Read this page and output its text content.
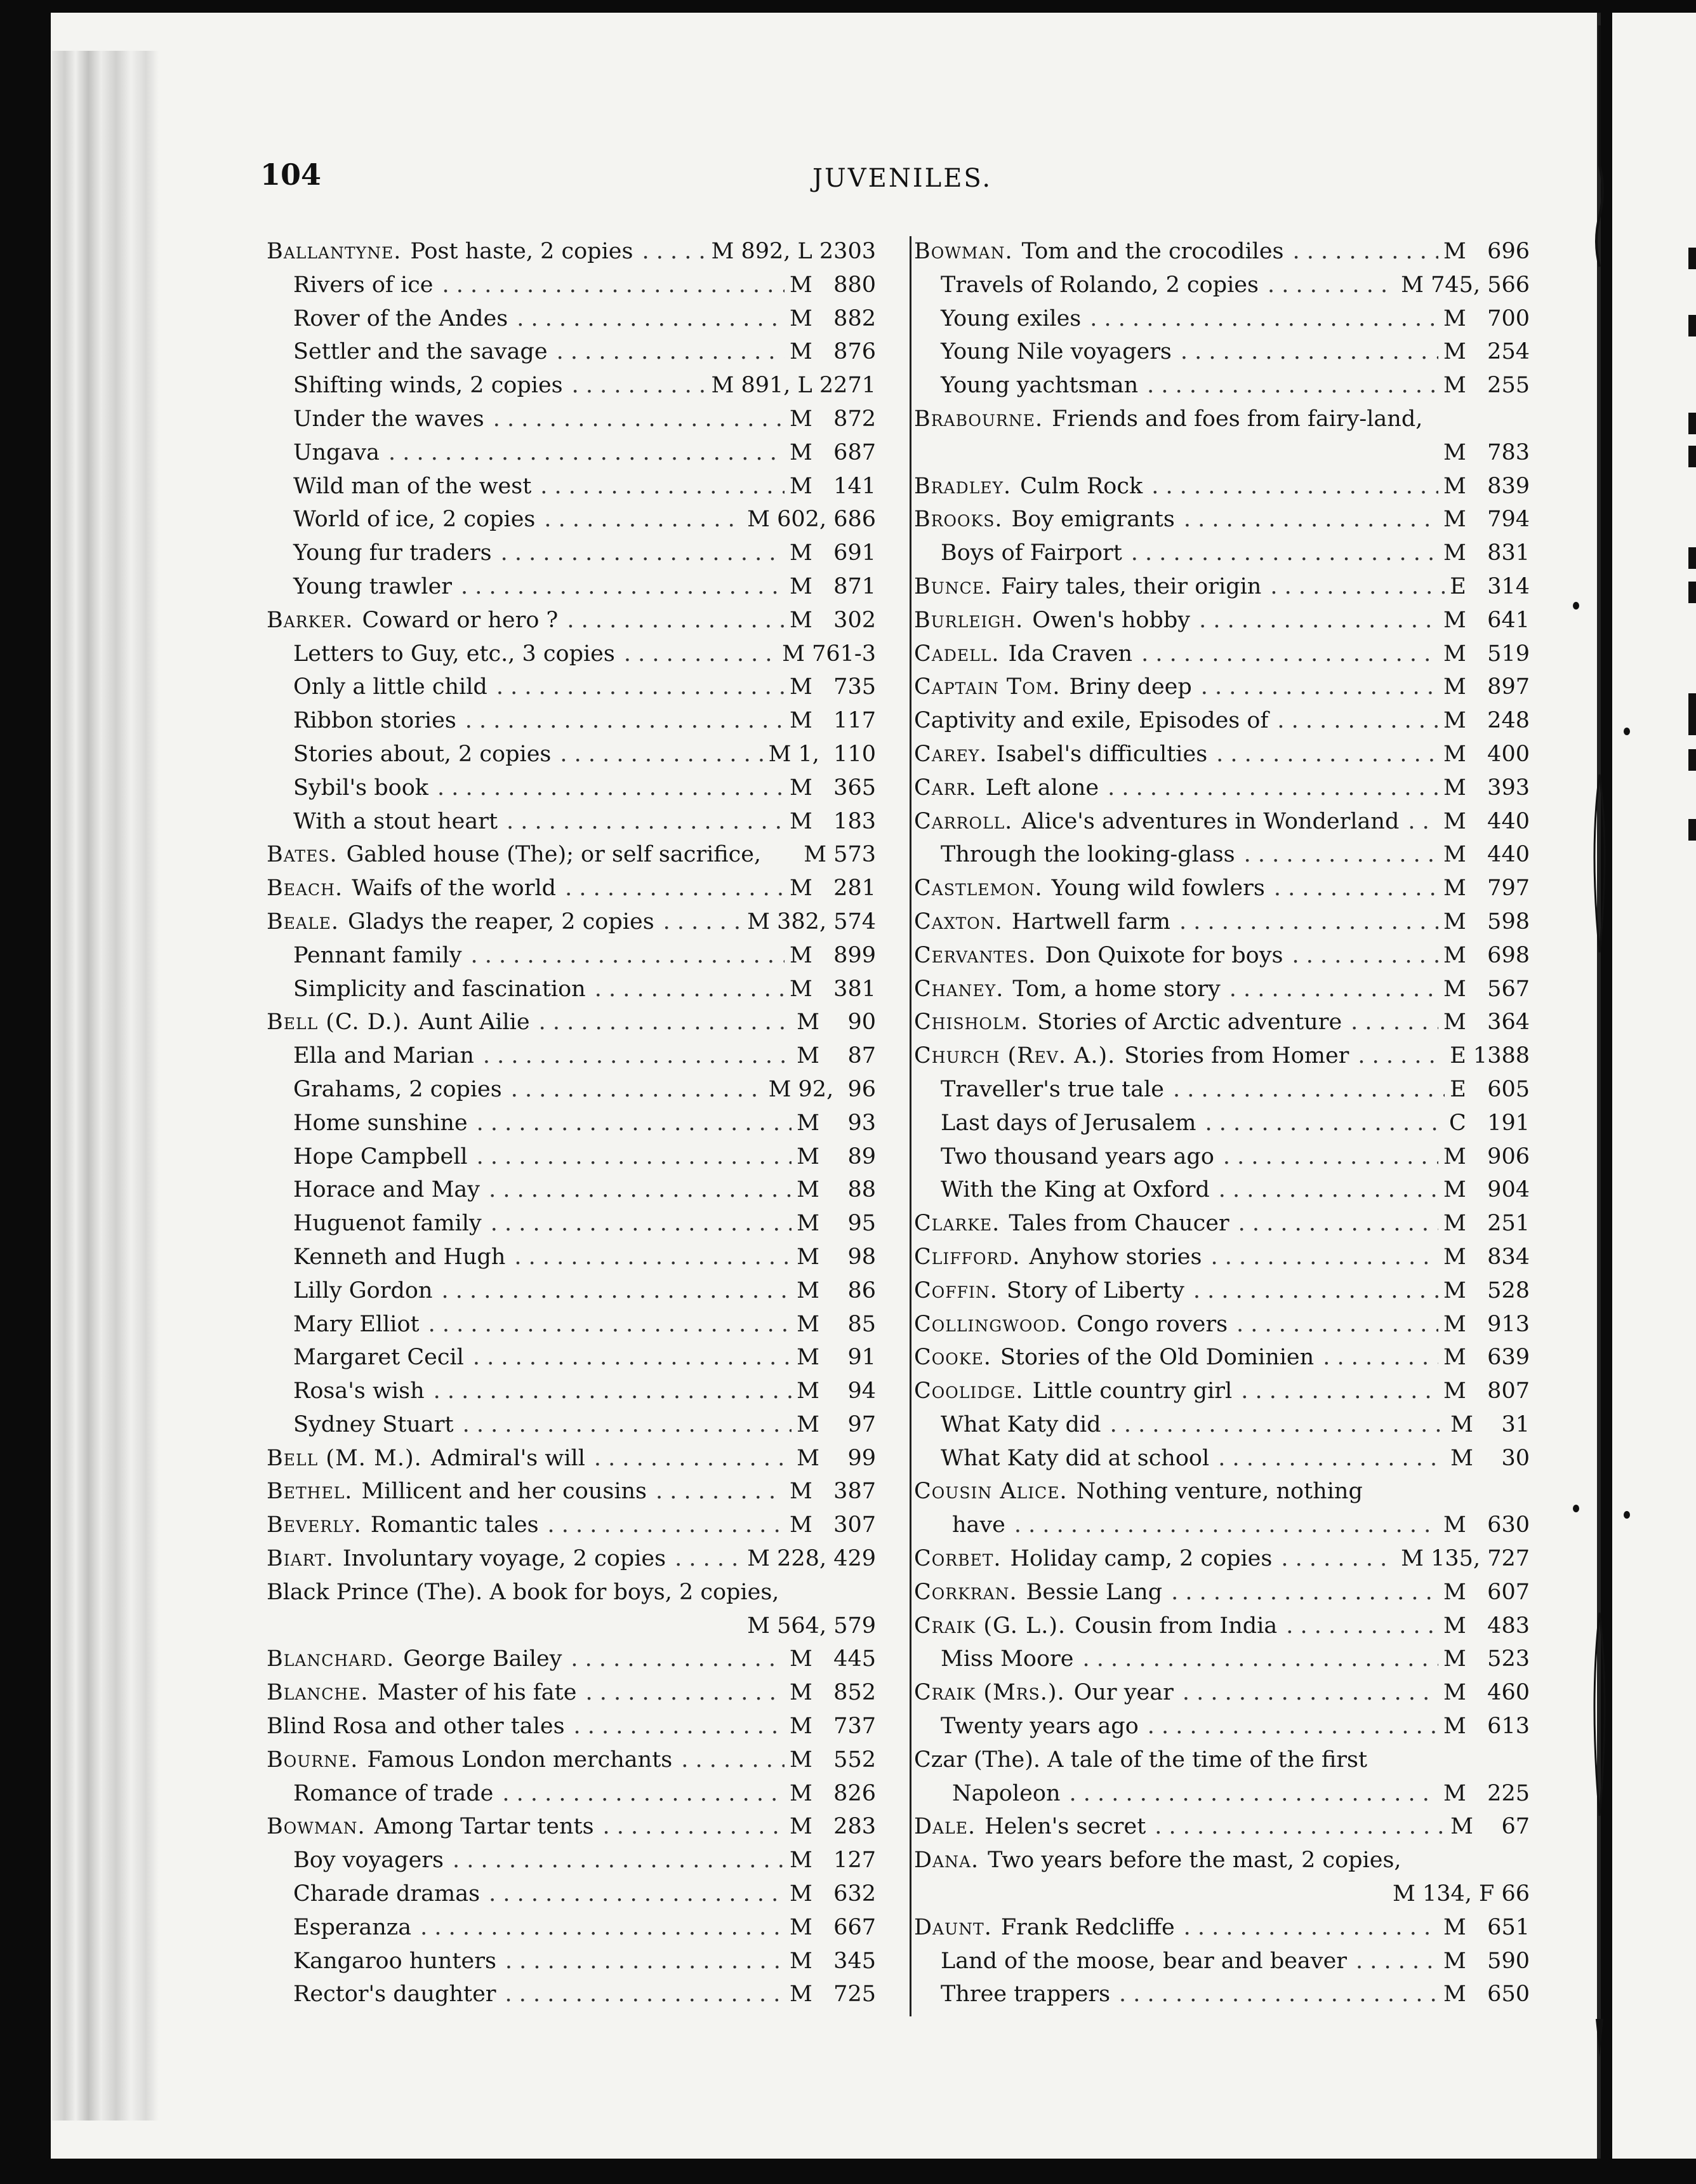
104	JUVENILES.
Ballantyne. Post haste, 2 copies . . .	M 892, L 2303
Rivers of ice . . .	M   880
Rover of the Andes . . .	M   882
Settler and the savage . . .	M   876
Shifting winds, 2 copies . . .	M 891, L 2271
Under the waves . . .	M   872
Ungava . . .	M   687
Wild man of the west . . .	M   141
World of ice, 2 copies . . .	M 602, 686
Young fur traders . . .	M   691
Young trawler . . .	M   871
Barker. Coward or hero ? . . .	M   302
Letters to Guy, etc., 3 copies . . .	M 761-3
Only a little child . . .	M   735
Ribbon stories . . .	M   117
Stories about, 2 copies . . .	M 1,  110
Sybil's book . . .	M   365
With a stout heart . . .	M   183
Bates. Gabled house (The); or self sacrifice, M 573
Beach. Waifs of the world . . .	M   281
Beale. Gladys the reaper, 2 copies . . .	M 382, 574
Pennant family . . .	M   899
Simplicity and fascination . . .	M   381
Bell (C. D.). Aunt Ailie . . .	M    90
Ella and Marian . . .	M    87
Grahams, 2 copies . . .	M 92,  96
Home sunshine . . .	M    93
Hope Campbell . . .	M    89
Horace and May . . .	M    88
Huguenot family . . .	M    95
Kenneth and Hugh . . .	M    98
Lilly Gordon . . .	M    86
Mary Elliot . . .	M    85
Margaret Cecil . . .	M    91
Rosa's wish . . .	M    94
Sydney Stuart . . .	M    97
Bell (M. M.). Admiral's will . . .	M    99
Bethel. Millicent and her cousins . . .	M   387
Beverly. Romantic tales . . .	M   307
Biart. Involuntary voyage, 2 copies . . .	M 228, 429
Black Prince (The). A book for boys, 2 copies,
M 564, 579
Blanchard. George Bailey . . .	M   445
Blanche. Master of his fate . . .	M   852
Blind Rosa and other tales . . .	M   737
Bourne. Famous London merchants . . .	M   552
Romance of trade . . .	M   826
Bowman. Among Tartar tents . . .	M   283
Boy voyagers . . .	M   127
Charade dramas . . .	M   632
Esperanza . . .	M   667
Kangaroo hunters . . .	M   345
Rector's daughter . . .	M   725
Bowman. Tom and the crocodiles . . .	M   696
Travels of Rolando, 2 copies . . .	M 745, 566
Young exiles . . .	M   700
Young Nile voyagers . . .	M   254
Young yachtsman . . .	M   255
Brabourne. Friends and foes from fairy-land,
M   783
Bradley. Culm Rock . . .	M   839
Brooks. Boy emigrants . . .	M   794
Boys of Fairport . . .	M   831
Bunce. Fairy tales, their origin . . .	E   314
Burleigh. Owen's hobby . . .	M   641
Cadell. Ida Craven . . .	M   519
Captain Tom. Briny deep . . .	M   897
Captivity and exile, Episodes of . . .	M   248
Carey. Isabel's difficulties . . .	M   400
Carr. Left alone . . .	M   393
Carroll. Alice's adventures in Wonderland . . . M   440
Through the looking-glass . . .	M   440
Castlemon. Young wild fowlers . . .	M   797
Caxton. Hartwell farm . . .	M   598
Cervantes. Don Quixote for boys . . .	M   698
Chaney. Tom, a home story . . .	M   567
Chisholm. Stories of Arctic adventure . . .	M   364
Church (Rev. A.). Stories from Homer . . .	E 1388
Traveller's true tale . . .	E   605
Last days of Jerusalem . . .	C   191
Two thousand years ago . . .	M   906
With the King at Oxford . . .	M   904
Clarke. Tales from Chaucer . . .	M   251
Clifford. Anyhow stories . . .	M   834
Coffin. Story of Liberty . . .	M   528
Collingwood. Congo rovers . . .	M   913
Cooke. Stories of the Old Dominien . . .	M   639
Coolidge. Little country girl . . .	M   807
What Katy did . . .	M    31
What Katy did at school . . .	M    30
Cousin Alice. Nothing venture, nothing
have . . .	M   630
Corbet. Holiday camp, 2 copies . . .	M 135, 727
Corkran. Bessie Lang . . .	M   607
Craik (G. L.). Cousin from India . . .	M   483
Miss Moore . . .	M   523
Craik (Mrs.). Our year . . .	M   460
Twenty years ago . . .	M   613
Czar (The). A tale of the time of the first
Napoleon . . .	M   225
Dale. Helen's secret . . .	M    67
Dana. Two years before the mast, 2 copies,
M 134, F 66
Daunt. Frank Redcliffe . . .	M   651
Land of the moose, bear and beaver . . .	M   590
Three trappers . . .	M   650
